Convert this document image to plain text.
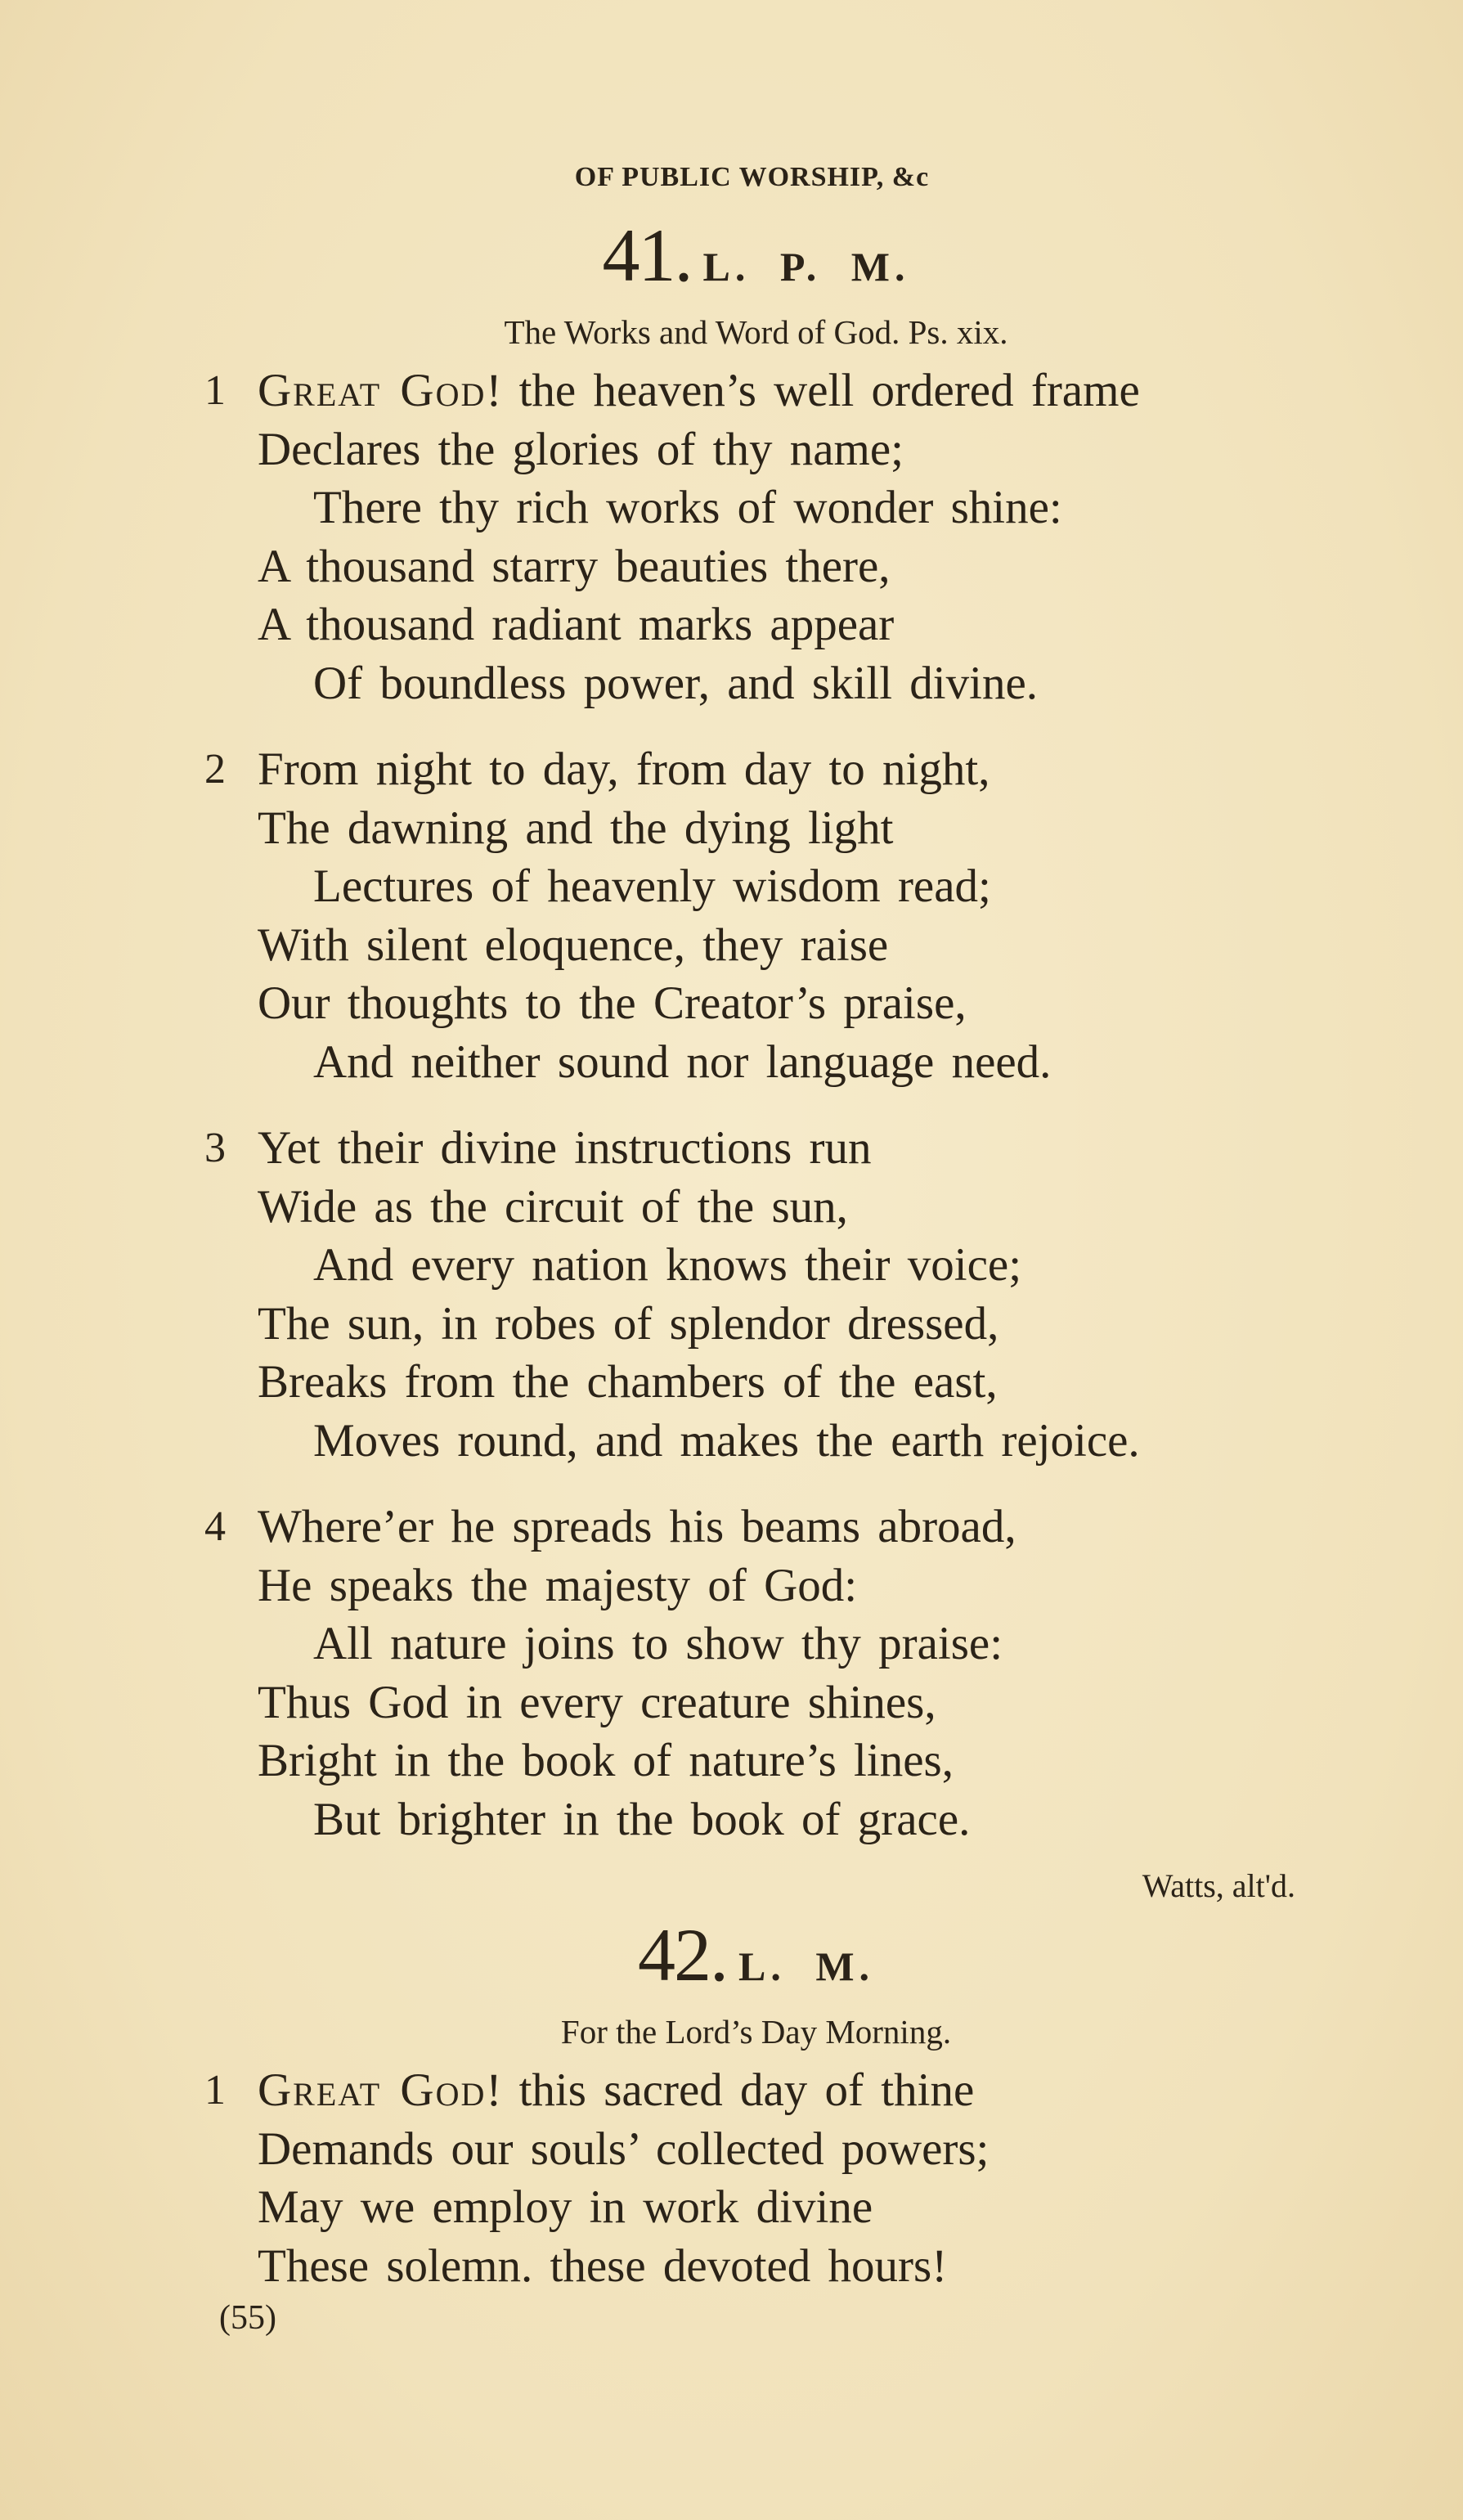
OF PUBLIC WORSHIP, &c
41. L. P. M.
The Works and Word of God. Ps. xix.
1 Great God! the heaven’s well ordered frame
Declares the glories of thy name;
There thy rich works of wonder shine:
A thousand starry beauties there,
A thousand radiant marks appear
Of boundless power, and skill divine.
2 From night to day, from day to night,
The dawning and the dying light
Lectures of heavenly wisdom read;
With silent eloquence, they raise
Our thoughts to the Creator’s praise,
And neither sound nor language need.
3 Yet their divine instructions run
Wide as the circuit of the sun,
And every nation knows their voice;
The sun, in robes of splendor dressed,
Breaks from the chambers of the east,
Moves round, and makes the earth rejoice.
4 Where’er he spreads his beams abroad,
He speaks the majesty of God:
All nature joins to show thy praise:
Thus God in every creature shines,
Bright in the book of nature’s lines,
But brighter in the book of grace.
42. L. M.
For the Lord’s Day Morning.
1 Great God! this sacred day of thine
Demands our souls’ collected powers;
May we employ in work divine
These solemn. these devoted hours!
(55)
Watts, alt'd.
